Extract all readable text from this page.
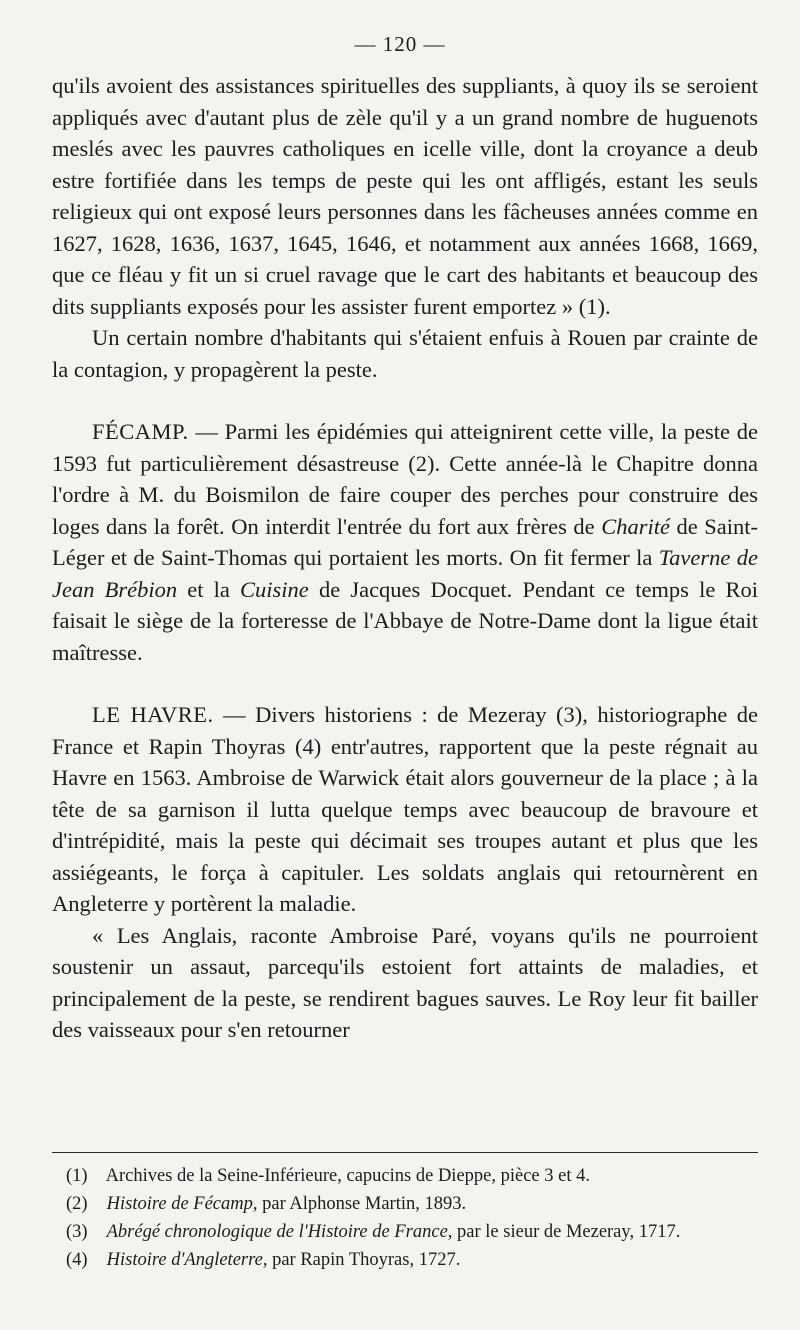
— 120 —

qu'ils avoient des assistances spirituelles des suppliants, à quoy ils se seroient appliqués avec d'autant plus de zèle qu'il y a un grand nombre de huguenots meslés avec les pauvres catholiques en icelle ville, dont la croyance a deub estre fortifiée dans les temps de peste qui les ont affligés, estant les seuls religieux qui ont exposé leurs personnes dans les fâcheuses années comme en 1627, 1628, 1636, 1637, 1645, 1646, et notamment aux années 1668, 1669, que ce fléau y fit un si cruel ravage que le cart des habitants et beaucoup des dits suppliants exposés pour les assister furent emportez » (1).

Un certain nombre d'habitants qui s'étaient enfuis à Rouen par crainte de la contagion, y propagèrent la peste.

FÉCAMP. — Parmi les épidémies qui atteignirent cette ville, la peste de 1593 fut particulièrement désastreuse (2). Cette année-là le Chapitre donna l'ordre à M. du Boismilon de faire couper des perches pour construire des loges dans la forêt. On interdit l'entrée du fort aux frères de Charité de Saint-Léger et de Saint-Thomas qui portaient les morts. On fit fermer la Taverne de Jean Brébion et la Cuisine de Jacques Docquet. Pendant ce temps le Roi faisait le siège de la forteresse de l'Abbaye de Notre-Dame dont la ligue était maîtresse.

LE HAVRE. — Divers historiens : de Mezeray (3), historiographe de France et Rapin Thoyras (4) entr'autres, rapportent que la peste régnait au Havre en 1563. Ambroise de Warwick était alors gouverneur de la place ; à la tête de sa garnison il lutta quelque temps avec beaucoup de bravoure et d'intrépidité, mais la peste qui décimait ses troupes autant et plus que les assiégeants, le força à capituler. Les soldats anglais qui retournèrent en Angleterre y portèrent la maladie.

« Les Anglais, raconte Ambroise Paré, voyans qu'ils ne pourroient soustenir un assaut, parcequ'ils estoient fort attaints de maladies, et principalement de la peste, se rendirent bagues sauves. Le Roy leur fit bailler des vaisseaux pour s'en retourner

(1) Archives de la Seine-Inférieure, capucins de Dieppe, pièce 3 et 4.

(2) Histoire de Fécamp, par Alphonse Martin, 1893.

(3) Abrégé chronologique de l'Histoire de France, par le sieur de Mezeray, 1717.

(4) Histoire d'Angleterre, par Rapin Thoyras, 1727.
